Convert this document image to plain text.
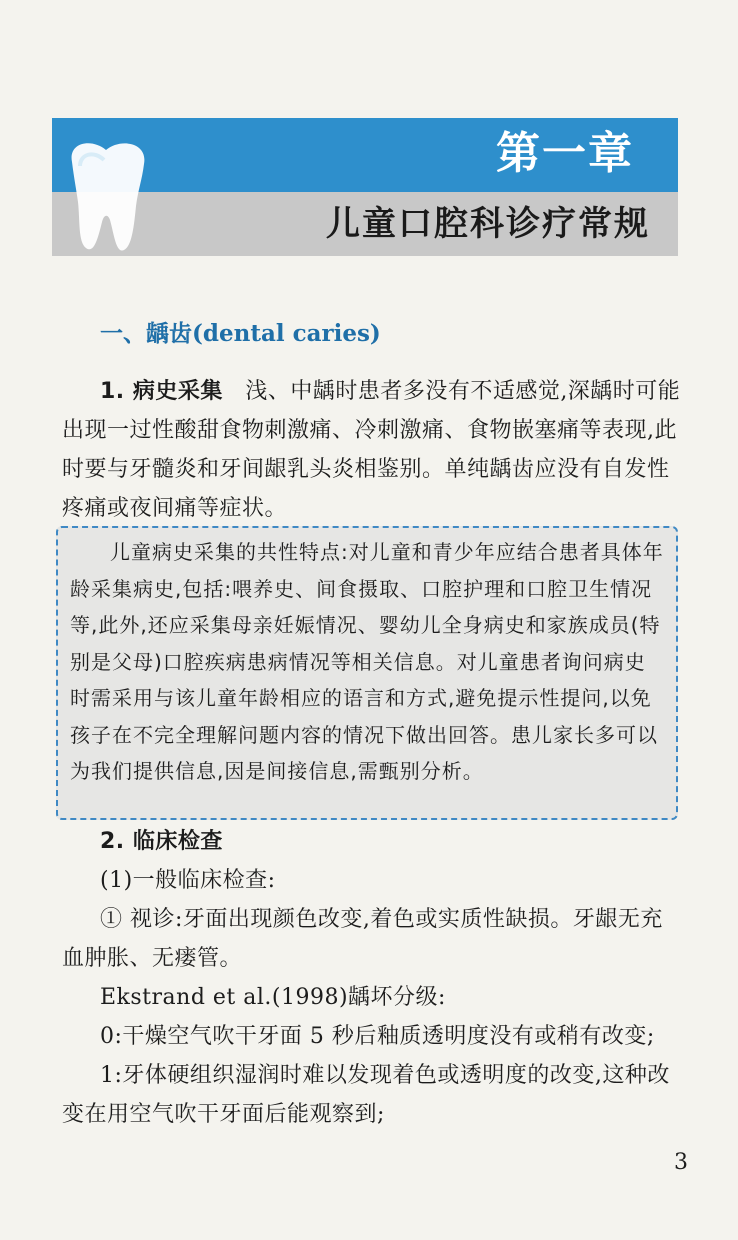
第一章
儿童口腔科诊疗常规
一、龋齿(dental caries)
1. 病史采集 浅、中龋时患者多没有不适感觉,深龋时可能出现一过性酸甜食物刺激痛、冷刺激痛、食物嵌塞痛等表现,此时要与牙髓炎和牙间龈乳头炎相鉴别。单纯龋齿应没有自发性疼痛或夜间痛等症状。

儿童病史采集的共性特点:对儿童和青少年应结合患者具体年龄采集病史,包括:喂养史、间食摄取、口腔护理和口腔卫生情况等,此外,还应采集母亲妊娠情况、婴幼儿全身病史和家族成员(特别是父母)口腔疾病患病情况等相关信息。对儿童患者询问病史时需采用与该儿童年龄相应的语言和方式,避免提示性提问,以免孩子在不完全理解问题内容的情况下做出回答。患儿家长多可以为我们提供信息,因是间接信息,需甄别分析。

2. 临床检查
(1)一般临床检查:
① 视诊:牙面出现颜色改变,着色或实质性缺损。牙龈无充血肿胀、无瘘管。
Ekstrand et al.(1998)龋坏分级:
0:干燥空气吹干牙面 5 秒后釉质透明度没有或稍有改变;
1:牙体硬组织湿润时难以发现着色或透明度的改变,这种改变在用空气吹干牙面后能观察到;
3
